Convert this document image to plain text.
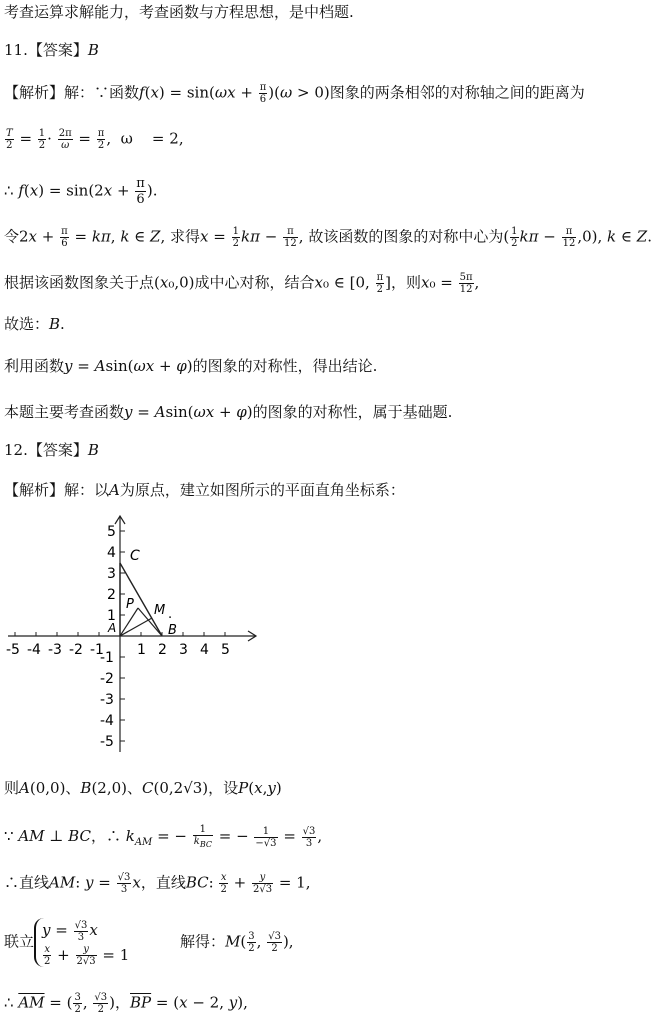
考查运算求解能力，考查函数与方程思想，是中档题.
11.【答案】B
【解析】解：∵函数$f(x) = \sin(\omega x + \frac{\pi}{6} )(\omega > 0)$图象的两条相邻的对称轴之间的距离为
$\frac{T}{2} = \frac{1}{2} \cdot \frac{2\pi}{\omega} = \frac{\pi}{2}$ ,  ω    = 2,
∴ $f(x) = \sin(2x + \frac{\pi}{6}$ ).
令$2x + \frac{\pi}{6} = k\pi$, k ∈ Z, 求得$x = \frac{1}{2}$ $k\pi - \frac{\pi}{12}$ , 故该函数的图象的对称中心为( $\frac{1}{2}$ $k\pi - \frac{\pi}{12} ,0$), k ∈ Z.
根据该函数图象关于点(x₀,0)成中心对称，结合x₀ ∈ [0, $\frac{\pi}{2}$ ]，则$x_0 = \frac{5\pi}{12}$ ,
故选：B.
利用函数y = Asin(ωx + φ)的图象的对称性，得出结论.
本题主要考查函数y = Asin(ωx + φ)的图象的对称性，属于基础题.
12.【答案】B
【解析】解：以A为原点，建立如图所示的平面直角坐标系：
-5 -4 -3 -2 -1 1 2 3 4 5
5
4
3
2
1
-1
-2
-3
-4
-5
C
P M .
A	B
则A(0,0)、B(2,0)、C(0,2√3)，设P(x,y)
∵ AM ⊥ BC，∴ $k_{AM}$ = − $\frac{1}{k_{BC}}$ = − $\frac{1}{-√3} = \frac{√3}{3}$ ,
∴直线AM: $y = \frac{√3}{3}$ x，直线BC: $\frac{x}{2} + \frac{y}{2√3} = 1$,
联立$y = \frac{√3}{3}$ x

$\frac{x}{2} + \frac{y}{2√3} = 1$ 解得：$M( \frac{3}{2}$ , $\frac{√3}{2}$ ),
∴ $\overline{AM}$ = ( $\frac{3}{2}$ , $\frac{√3}{2}$ )，$\overline{BP} = (x - 2$, y),
